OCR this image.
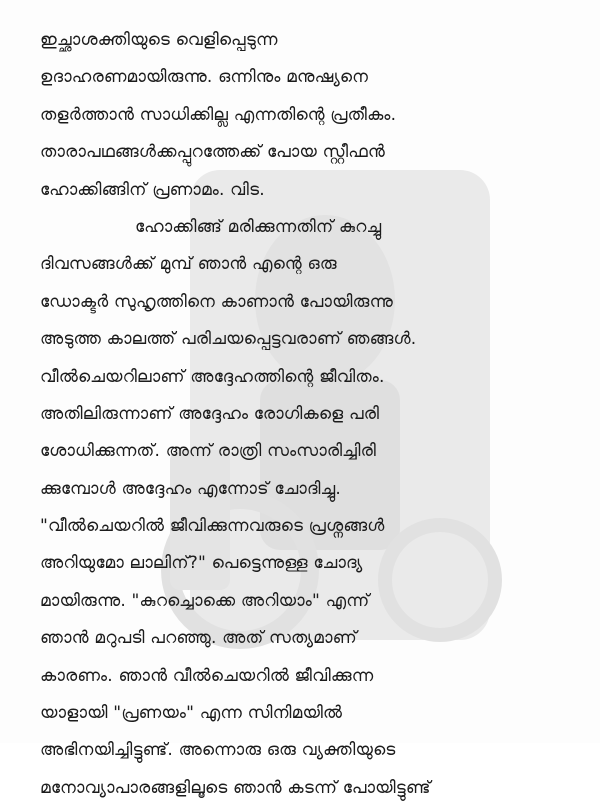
ഇച്ഛാശക്തിയുടെ വെളിപ്പെടുന്ന
ഉദാഹരണമായിരുന്നു. ഒന്നിനും മനുഷ്യനെ
തളർത്താൻ സാധിക്കില്ല എന്നതിന്റെ പ്രതീകം.
താരാപഥങ്ങൾക്കപ്പുറത്തേക്ക് പോയ സ്റ്റീഫൻ
ഹോക്കിങ്ങിന് പ്രണാമം. വിട.
ഹോക്കിങ്ങ് മരിക്കുന്നതിന് കുറച്ചു
ദിവസങ്ങൾക്ക് മുമ്പ് ഞാൻ എന്റെ ഒരു
ഡോക്ടർ സുഹൃത്തിനെ കാണാൻ പോയിരുന്നു
അടുത്ത കാലത്ത് പരിചയപ്പെട്ടവരാണ് ഞങ്ങൾ.
വീൽചെയറിലാണ് അദ്ദേഹത്തിന്റെ ജീവിതം.
അതിലിരുന്നാണ് അദ്ദേഹം രോഗികളെ പരി
ശോധിക്കുന്നത്. അന്ന് രാത്രി സംസാരിച്ചിരി
ക്കുമ്പോൾ അദ്ദേഹം എന്നോട് ചോദിച്ചു.
"വീൽചെയറിൽ ജീവിക്കുന്നവരുടെ പ്രശ്നങ്ങൾ
അറിയുമോ ലാലിന്?" പെട്ടെന്നുള്ള ചോദ്യ
മായിരുന്നു. "കുറച്ചൊക്കെ അറിയാം" എന്ന്
ഞാൻ മറുപടി പറഞ്ഞു. അത് സത്യമാണ്
കാരണം. ഞാൻ വീൽചെയറിൽ ജീവിക്കുന്ന
യാളായി "പ്രണയം" എന്ന സിനിമയിൽ
അഭിനയിച്ചിട്ടുണ്ട്. അന്നൊരു ഒരു വ്യക്തിയുടെ
മനോവ്യാപാരങ്ങളിലൂടെ ഞാൻ കടന്ന് പോയിട്ടുണ്ട്
